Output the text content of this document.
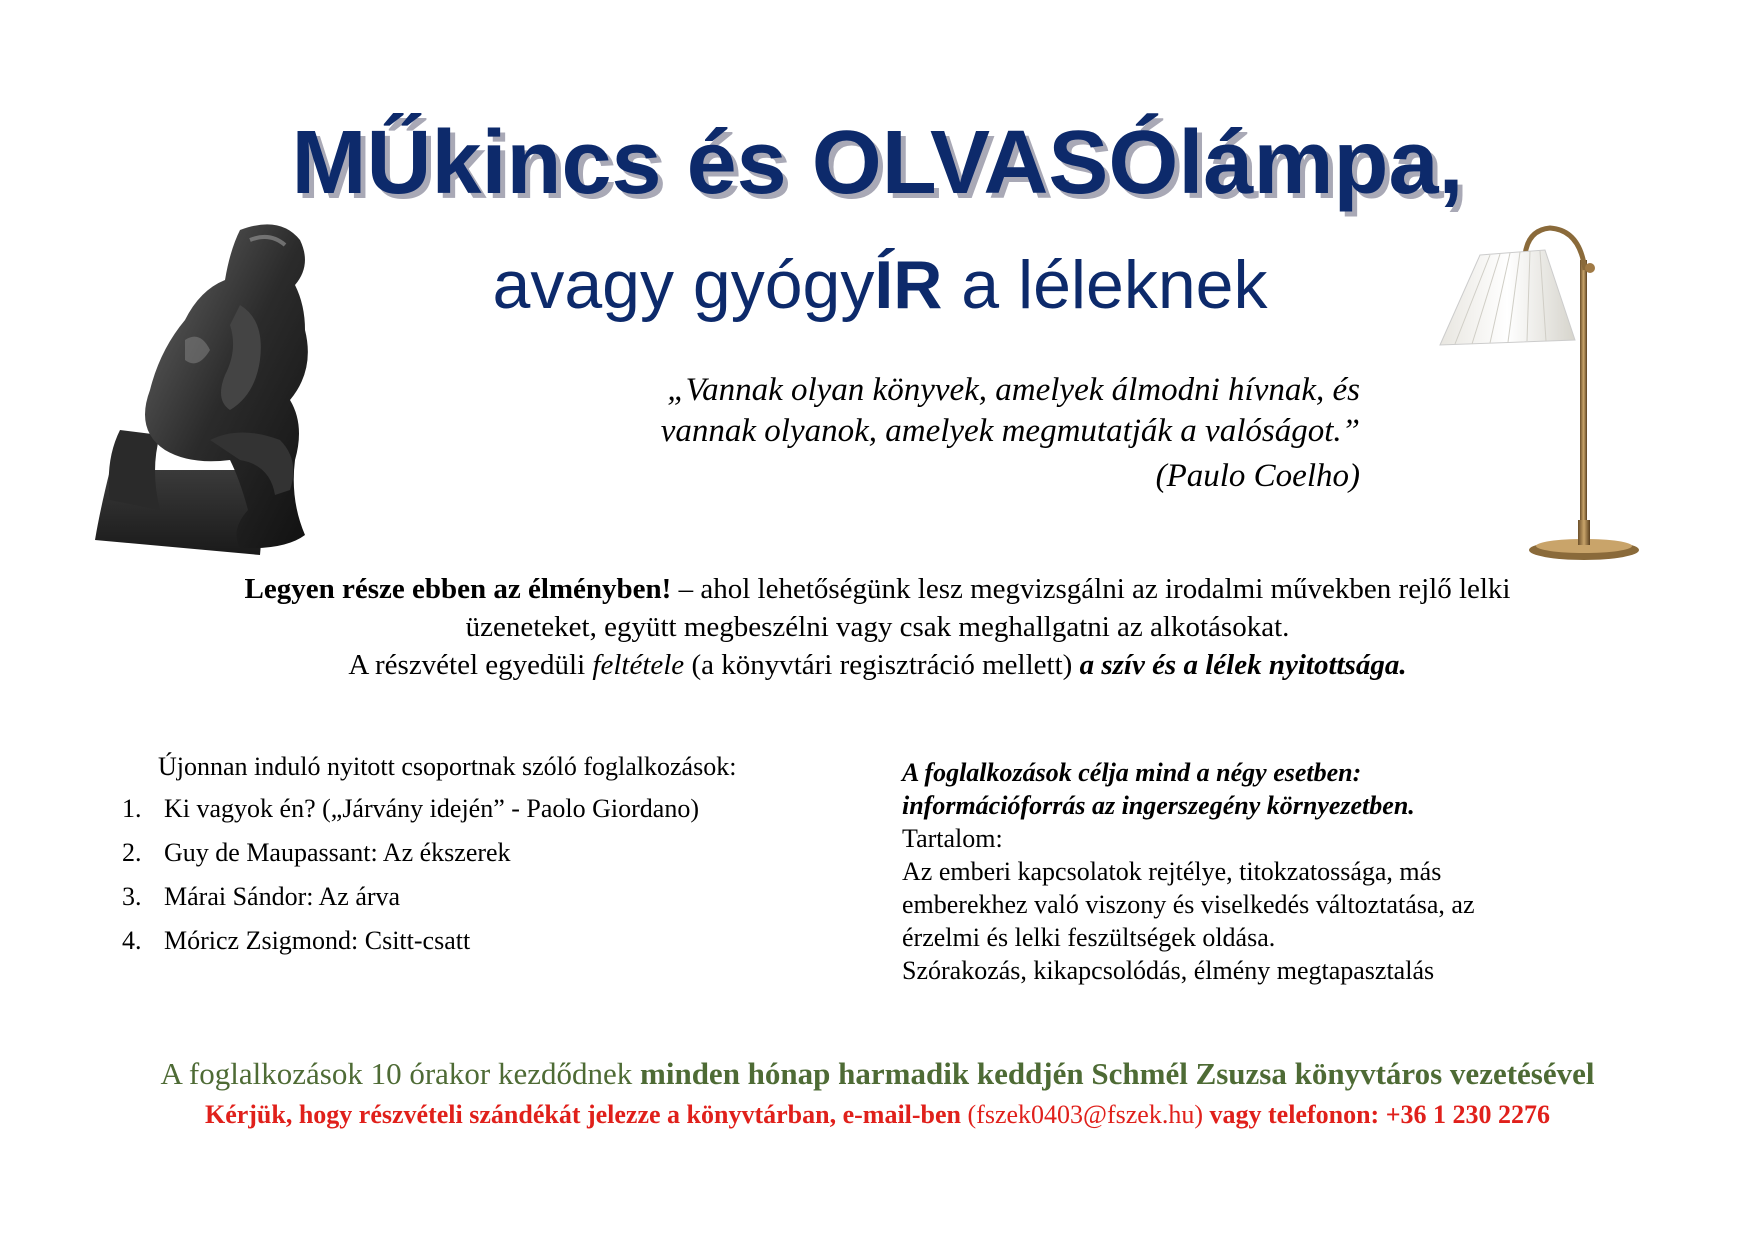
MŰkincs és OLVASÓlámpa,
avagy gyógyÍR a léleknek
„Vannak olyan könyvek, amelyek álmodni hívnak, és
vannak olyanok, amelyek megmutatják a valóságot.”
(Paulo Coelho)
Legyen része ebben az élményben! – ahol lehetőségünk lesz megvizsgálni az irodalmi művekben rejlő lelki
üzeneteket, együtt megbeszélni vagy csak meghallgatni az alkotásokat.
A részvétel egyedüli feltétele (a könyvtári regisztráció mellett) a szív és a lélek nyitottsága.
Újonnan induló nyitott csoportnak szóló foglalkozások:
1. Ki vagyok én? („Járvány idején” - Paolo Giordano)
2. Guy de Maupassant: Az ékszerek
3. Márai Sándor: Az árva
4. Móricz Zsigmond: Csitt-csatt
A foglalkozások célja mind a négy esetben:
információforrás az ingerszegény környezetben.
Tartalom:
Az emberi kapcsolatok rejtélye, titokzatossága, más
emberekhez való viszony és viselkedés változtatása, az
érzelmi és lelki feszültségek oldása.
Szórakozás, kikapcsolódás, élmény megtapasztalás
A foglalkozások 10 órakor kezdődnek minden hónap harmadik keddjén Schmél Zsuzsa könyvtáros vezetésével
Kérjük, hogy részvételi szándékát jelezze a könyvtárban, e-mail-ben (fszek0403@fszek.hu) vagy telefonon: +36 1 230 2276
